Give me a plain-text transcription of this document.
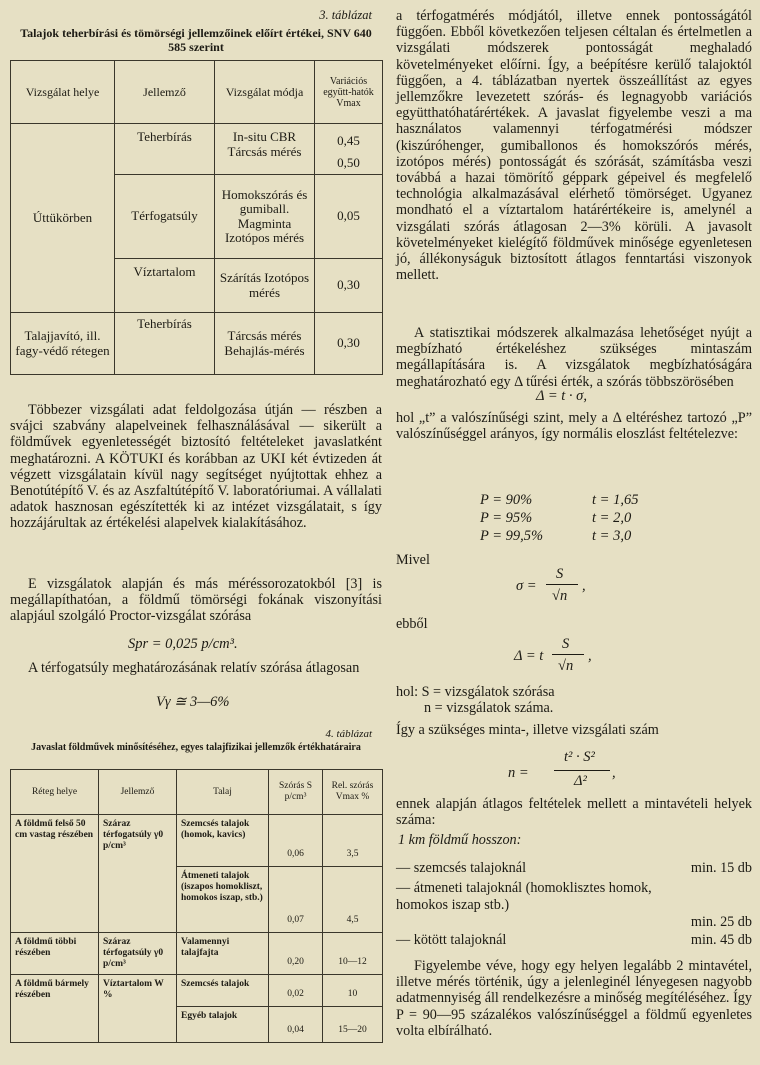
3. táblázat
Talajok teherbírási és tömörségi jellemzőinek előírt értékei, SNV 640 585 szerint
Vizsgálat helye	Jellemző	Vizsgálat módja	Variációs együtt-hatók Vmax
Úttükörben	Teherbírás	In-situ CBR Tárcsás mérés	0,45
0,50

	Térfogatsúly	Homokszórás és gumiball. Magminta Izotópos mérés	0,05
	Víztartalom	Szárítás Izotópos mérés	0,30
Talajjavító, ill. fagy-védő rétegen	Teherbírás	Tárcsás mérés Behajlás-mérés	0,30

Többezer vizsgálati adat feldolgozása útján — részben a svájci szabvány alapelveinek felhasználásával — sikerült a földművek egyenletességét biztosító feltételeket javaslatként meghatározni. A KÖTUKI és korábban az UKI két évtizeden át végzett vizsgálatain kívül nagy segítséget nyújtottak ehhez a Benotútépítő V. és az Aszfaltútépítő V. laboratóriumai. A vállalati adatok hasznosan egészítették ki az intézet vizsgálatait, s így hozzájárultak az értékelési alapelvek kialakításához.

E vizsgálatok alapján és más méréssorozatokból [3] is megállapíthatóan, a földmű tömörségi fokának viszonyítási alapjául szolgáló Proctor-vizsgálat szórása

Spr = 0,025 p/cm³.

A térfogatsúly meghatározásának relatív szórása átlagosan

Vγ ≅ 3—6%
4. táblázat
Javaslat földművek minősítéséhez, egyes talajfizikai jellemzők értékhatáraira
Réteg helye	Jellemző	Talaj	Szórás S p/cm³	Rel. szórás Vmax %
A földmű felső 50 cm vastag részében	Száraz térfogatsúly γ0 p/cm³	Szemcsés talajok (homok, kavics)	0,06	3,5
		Átmeneti talajok (iszapos homokliszt, homokos iszap, stb.)	0,07	4,5
A földmű többi részében	Száraz térfogatsúly γ0 p/cm³	Valamennyi talajfajta	0,20	10—12
A földmű bármely részében	Víztartalom W %	Szemcsés talajok	0,02	10
		Egyéb talajok	0,04	15—20

a térfogatmérés módjától, illetve ennek pontosságától függően. Ebből következően teljesen céltalan és értelmetlen a vizsgálati módszerek pontosságát meghaladó követelményeket előírni. Így, a beépítésre kerülő talajoktól függően, a 4. táblázatban nyertek összeállítást az egyes jellemzőkre levezetett szórás- és legnagyobb variációs együtthatóhatárértékek. A javaslat figyelembe veszi a ma használatos valamennyi térfogatmérési módszer (kiszúróhenger, gumiballonos és homokszórós mérés, izotópos mérés) pontosságát és szórását, számításba veszi továbbá a hazai tömörítő géppark gépeivel és megfelelő technológia alkalmazásával elérhető tömörséget. Ugyanez mondható el a víztartalom határértékeire is, amelynél a vizsgálati szórás átlagosan 2—3% körüli. A javasolt követelményeket kielégítő földművek minősége egyenletesen jó, állékonyságuk biztosított átlagos fenntartási viszonyok mellett.

A statisztikai módszerek alkalmazása lehetőséget nyújt a megbízható értékeléshez szükséges mintaszám megállapítására is. A vizsgálatok megbízhatóságára meghatározható egy Δ tűrési érték, a szórás többszörösében

Δ = t · σ,

hol „t” a valószínűségi szint, mely a Δ eltéréshez tartozó „P” valószínűséggel arányos, így normális eloszlást feltételezve:

P = 90%	t = 1,65
P = 95%	t = 2,0
P = 99,5%	t = 3,0
Mivel
σ =
S
√n
,
ebből
Δ = t
S
√n
,
hol: S = vizsgálatok szórása
n = vizsgálatok száma.

Így a szükséges minta-, illetve vizsgálati szám

n =
t² · S²
Δ² ,

ennek alapján átlagos feltételek mellett a mintavételi helyek száma:

1 km földmű hosszon:
— szemcsés talajoknál	min. 15 db
— átmeneti talajoknál (homoklisztes homok, homokos iszap stb.)
min. 25 db
— kötött talajoknál	min. 45 db

Figyelembe véve, hogy egy helyen legalább 2 mintavétel, illetve mérés történik, úgy a jelenleginél lényegesen nagyobb adatmennyiség áll rendelkezésre a minőség megítéléséhez. Így P = 90—95 százalékos valószínűséggel a földmű egyenletes volta elbírálható.
